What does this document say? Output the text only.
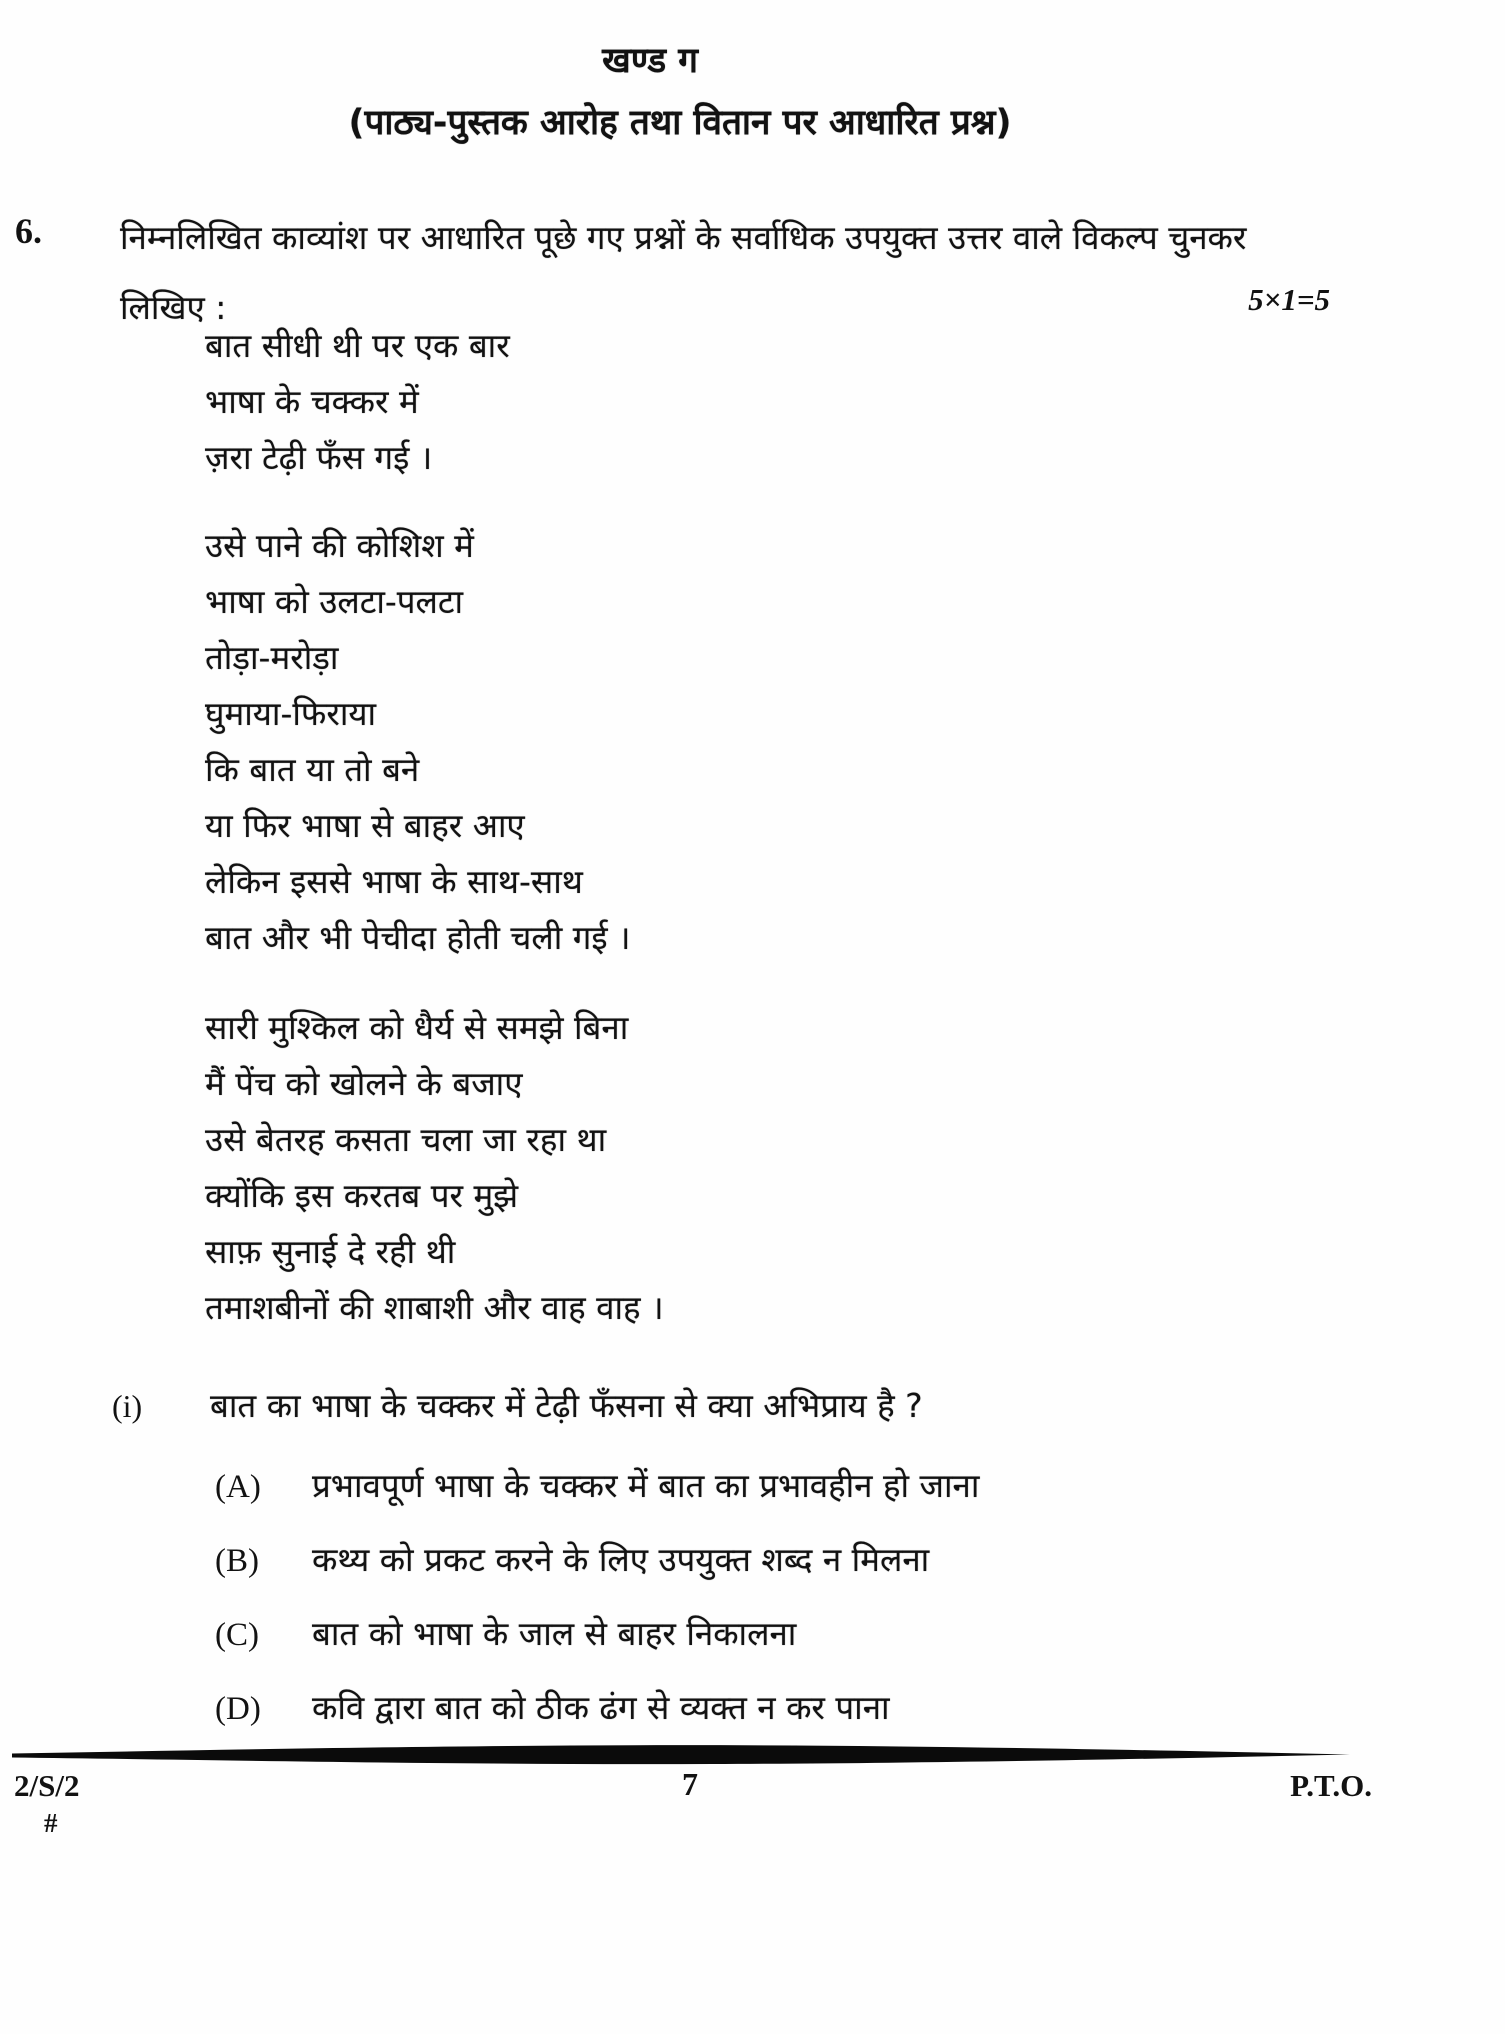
खण्ड ग
(पाठ्य-पुस्तक आरोह तथा वितान पर आधारित प्रश्न)
6. निम्नलिखित काव्यांश पर आधारित पूछे गए प्रश्नों के सर्वाधिक उपयुक्त उत्तर वाले विकल्प चुनकर
लिखिए :	5×1=5
बात सीधी थी पर एक बार
भाषा के चक्कर में
ज़रा टेढ़ी फँस गई ।
उसे पाने की कोशिश में
भाषा को उलटा-पलटा
तोड़ा-मरोड़ा
घुमाया-फिराया
कि बात या तो बने
या फिर भाषा से बाहर आए
लेकिन इससे भाषा के साथ-साथ
बात और भी पेचीदा होती चली गई ।
सारी मुश्किल को धैर्य से समझे बिना
मैं पेंच को खोलने के बजाए
उसे बेतरह कसता चला जा रहा था
क्योंकि इस करतब पर मुझे
साफ़ सुनाई दे रही थी
तमाशबीनों की शाबाशी और वाह वाह ।
(i) बात का भाषा के चक्कर में टेढ़ी फँसना से क्या अभिप्राय है ?
(A) प्रभावपूर्ण भाषा के चक्कर में बात का प्रभावहीन हो जाना
(B) कथ्य को प्रकट करने के लिए उपयुक्त शब्द न मिलना
(C) बात को भाषा के जाल से बाहर निकालना
(D) कवि द्वारा बात को ठीक ढंग से व्यक्त न कर पाना
2/S/2
#
7	P.T.O.
